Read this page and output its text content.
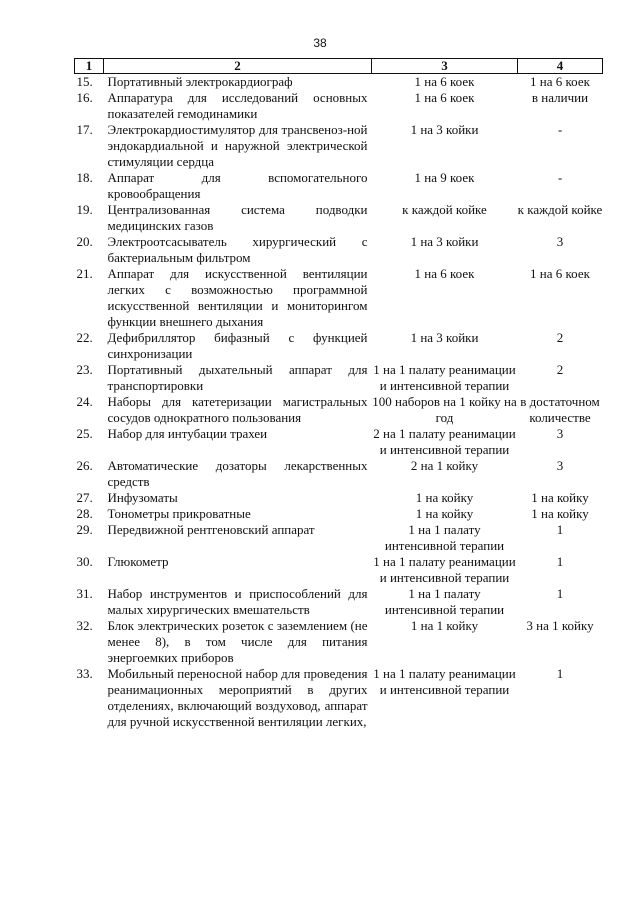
38
1	2	3	4
15.	Портативный электрокардиограф	1 на 6 коек	1 на 6 коек
16.	Аппаратура для исследований основных показателей гемодинамики	1 на 6 коек	в наличии
17.	Электрокардиостимулятор для трансвеноз-ной эндокардиальной и наружной электрической стимуляции сердца	1 на 3 койки	-
18.	Аппарат для вспомогательного кровообращения	1 на 9 коек	-
19.	Централизованная система подводки медицинских газов	к каждой койке	к каждой койке
20.	Электроотсасыватель хирургический с бактериальным фильтром	1 на 3 койки	3
21.	Аппарат для искусственной вентиляции легких с возможностью программной искусственной вентиляции и мониторингом функции внешнего дыхания	1 на 6 коек	1 на 6 коек
22.	Дефибриллятор бифазный с функцией синхронизации	1 на 3 койки	2
23.	Портативный дыхательный аппарат для транспортировки	1 на 1 палату реанимации и интенсивной терапии	2
24.	Наборы для катетеризации магистральных сосудов однократного пользования	100 наборов на 1 койку на год	в достаточном количестве
25.	Набор для интубации трахеи	2 на 1 палату реанимации и интенсивной терапии	3
26.	Автоматические дозаторы лекарственных средств	2 на 1 койку	3
27.	Инфузоматы	1 на койку	1 на койку
28.	Тонометры прикроватные	1 на койку	1 на койку
29.	Передвижной рентгеновский аппарат	1 на 1 палату интенсивной терапии	1
30.	Глюкометр	1 на 1 палату реанимации и интенсивной терапии	1
31.	Набор инструментов и приспособлений для малых хирургических вмешательств	1 на 1 палату интенсивной терапии	1
32.	Блок электрических розеток с заземлением (не менее 8), в том числе для питания энергоемких приборов	1 на 1 койку	3 на 1 койку
33.	Мобильный переносной набор для проведения реанимационных мероприятий в других отделениях, включающий воздуховод, аппарат для ручной искусственной вентиляции легких,	1 на 1 палату реанимации и интенсивной терапии	1
